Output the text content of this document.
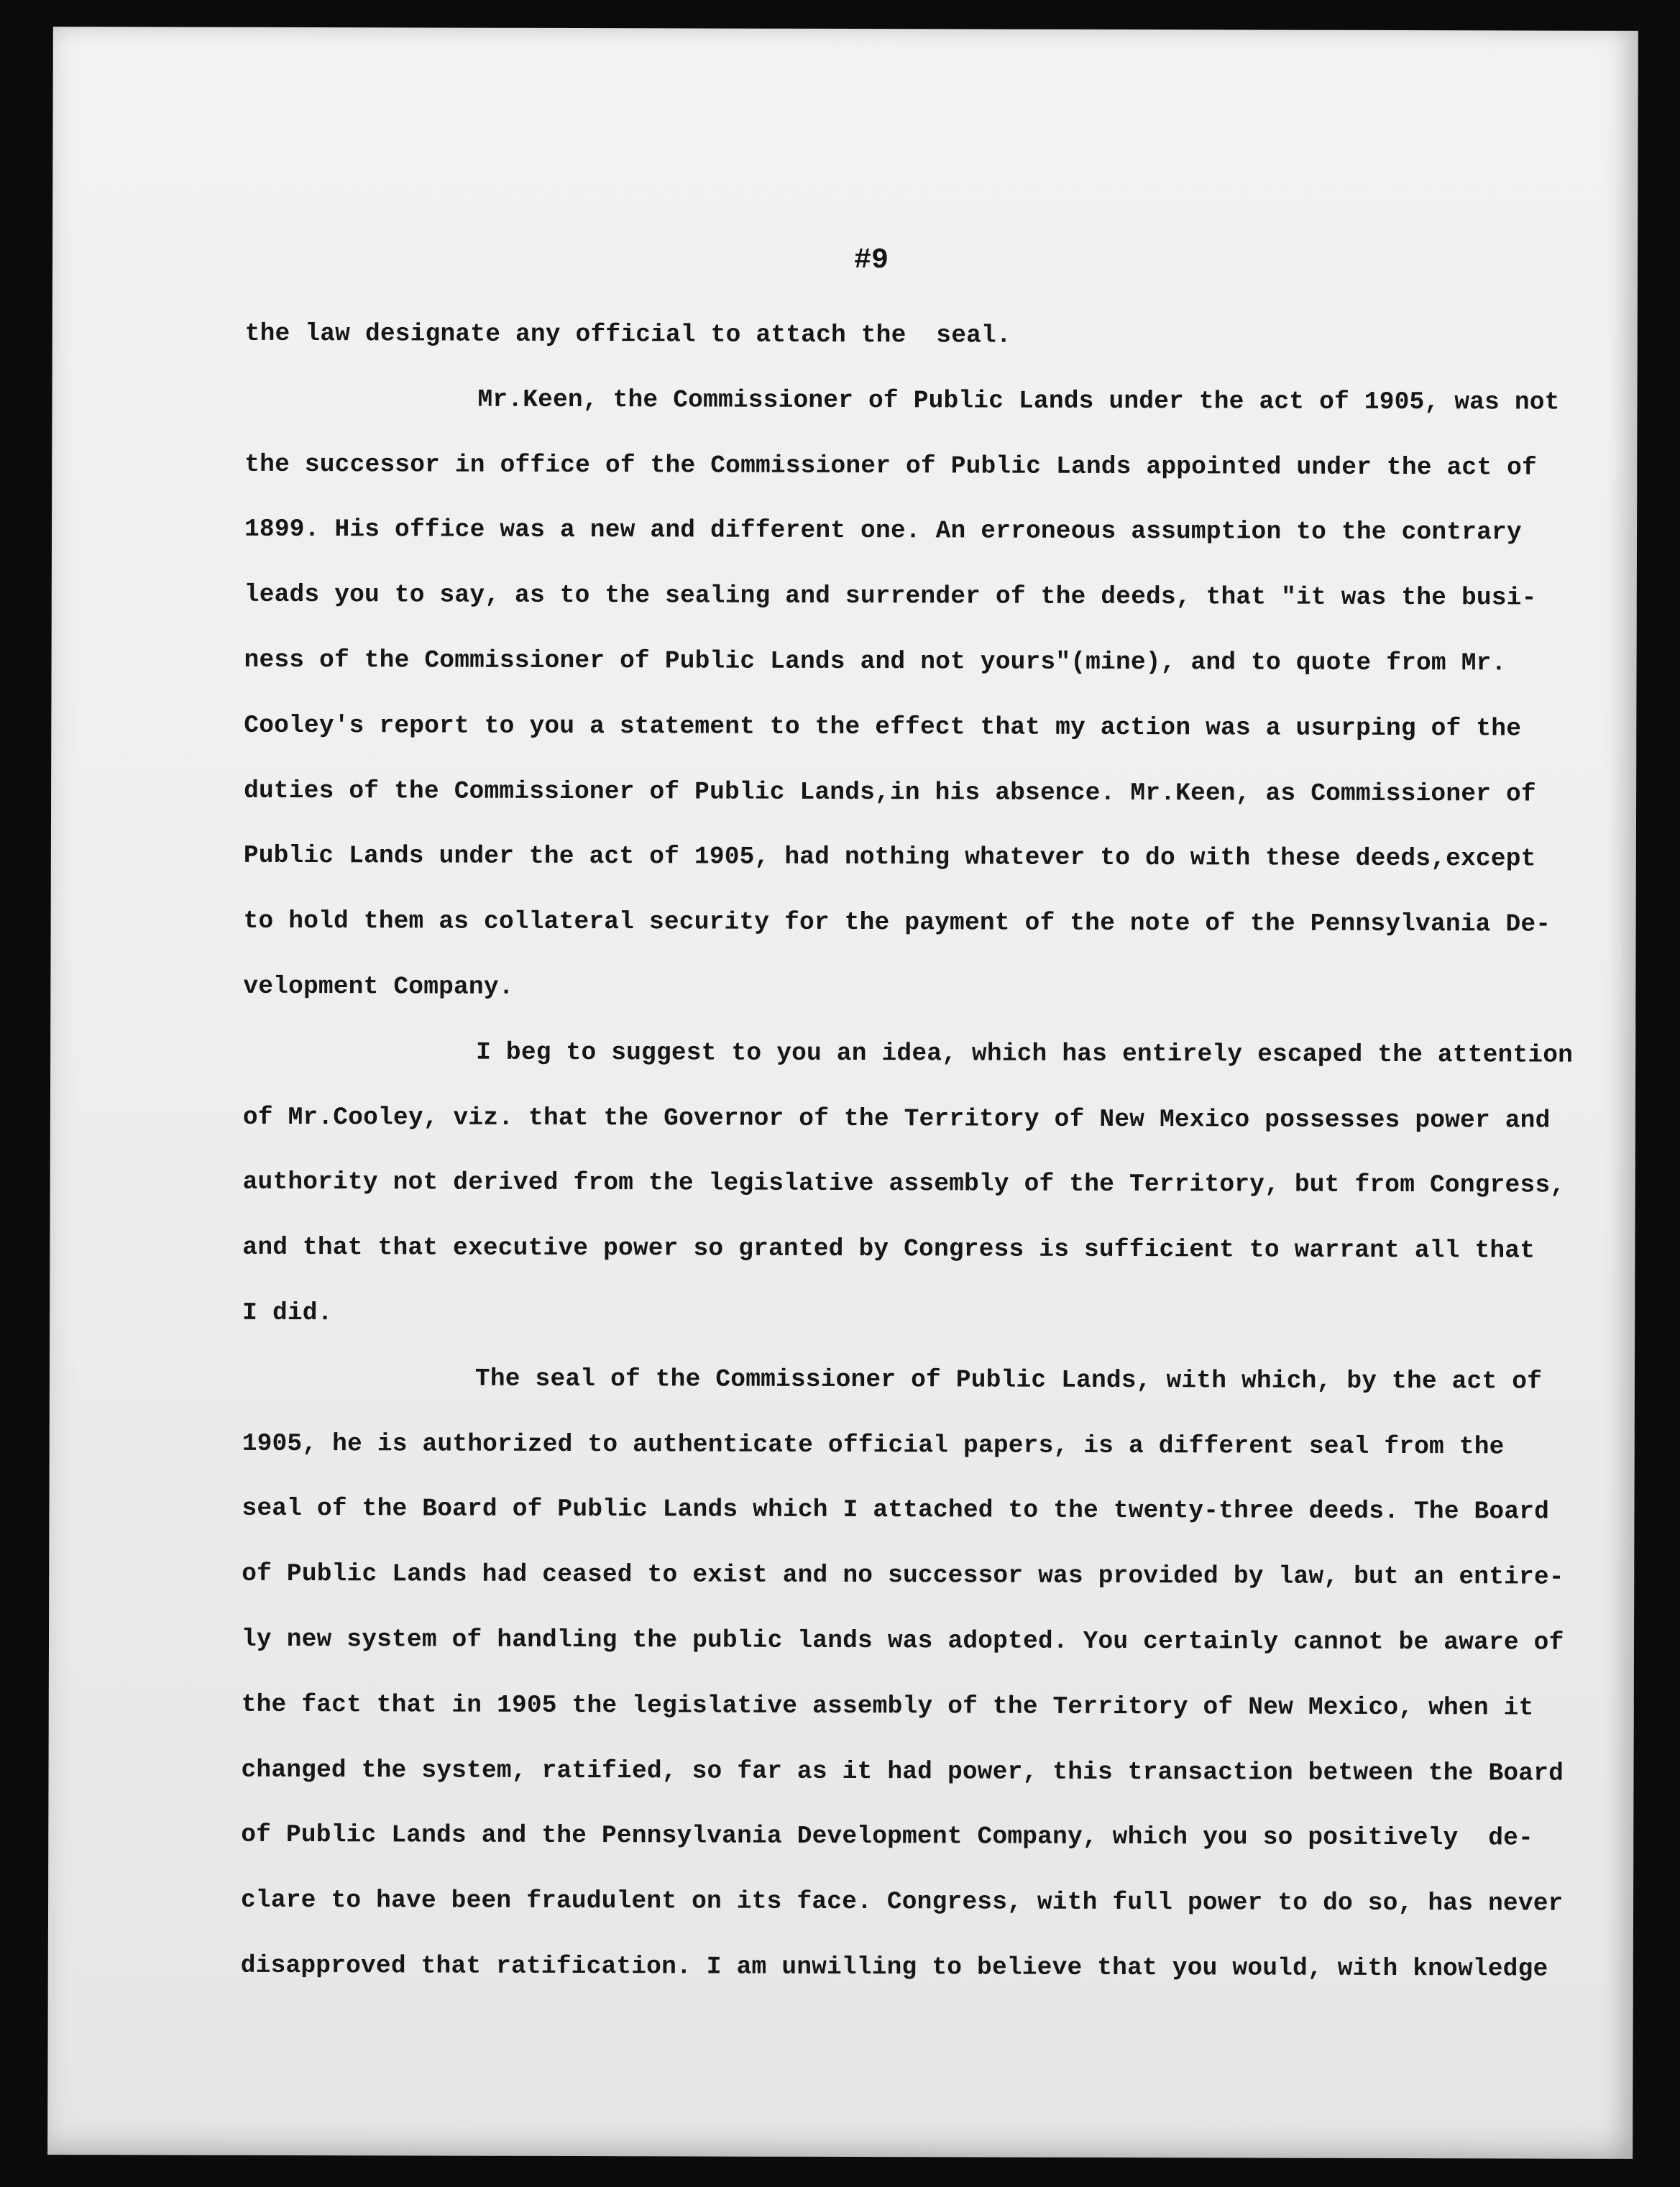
#9
the law designate any official to attach the  seal.
Mr.Keen, the Commissioner of Public Lands under the act of 1905, was not
the successor in office of the Commissioner of Public Lands appointed under the act of
1899. His office was a new and different one. An erroneous assumption to the contrary
leads you to say, as to the sealing and surrender of the deeds, that "it was the busi-
ness of the Commissioner of Public Lands and not yours"(mine), and to quote from Mr.
Cooley's report to you a statement to the effect that my action was a usurping of the
duties of the Commissioner of Public Lands,in his absence. Mr.Keen, as Commissioner of
Public Lands under the act of 1905, had nothing whatever to do with these deeds,except
to hold them as collateral security for the payment of the note of the Pennsylvania De-
velopment Company.
I beg to suggest to you an idea, which has entirely escaped the attention
of Mr.Cooley, viz. that the Governor of the Territory of New Mexico possesses power and
authority not derived from the legislative assembly of the Territory, but from Congress,
and that that executive power so granted by Congress is sufficient to warrant all that
I did.
The seal of the Commissioner of Public Lands, with which, by the act of
1905, he is authorized to authenticate official papers, is a different seal from the
seal of the Board of Public Lands which I attached to the twenty-three deeds. The Board
of Public Lands had ceased to exist and no successor was provided by law, but an entire-
ly new system of handling the public lands was adopted. You certainly cannot be aware of
the fact that in 1905 the legislative assembly of the Territory of New Mexico, when it
changed the system, ratified, so far as it had power, this transaction between the Board
of Public Lands and the Pennsylvania Development Company, which you so positively  de-
clare to have been fraudulent on its face. Congress, with full power to do so, has never
disapproved that ratification. I am unwilling to believe that you would, with knowledge
